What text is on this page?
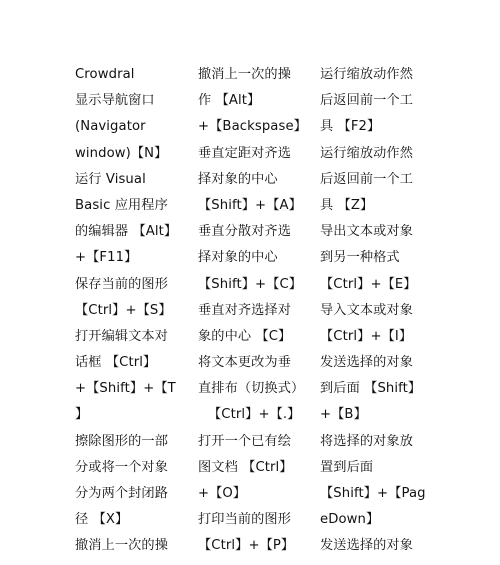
Crowdral
显示导航窗口
(Navigator
window)【N】
运行 Visual
Basic 应用程序
的编辑器 【Alt】
+【F11】
保存当前的图形
【Ctrl】+【S】
打开编辑文本对
话框 【Ctrl】
+【Shift】+【T
】
擦除图形的一部
分或将一个对象
分为两个封闭路
径 【X】
撤消上一次的操
撤消上一次的操
作 【Alt】
+【Backspase】
垂直定距对齐选
择对象的中心
【Shift】+【A】
垂直分散对齐选
择对象的中心
【Shift】+【C】
垂直对齐选择对
象的中心 【C】
将文本更改为垂
直排布（切换式）
【Ctrl】+【.】
打开一个已有绘
图文档 【Ctrl】
+【O】
打印当前的图形
【Ctrl】+【P】
运行缩放动作然
后返回前一个工
具 【F2】
运行缩放动作然
后返回前一个工
具 【Z】
导出文本或对象
到另一种格式
【Ctrl】+【E】
导入文本或对象
【Ctrl】+【I】
发送选择的对象
到后面 【Shift】
+【B】
将选择的对象放
置到后面
【Shift】+【Pag
eDown】
发送选择的对象
